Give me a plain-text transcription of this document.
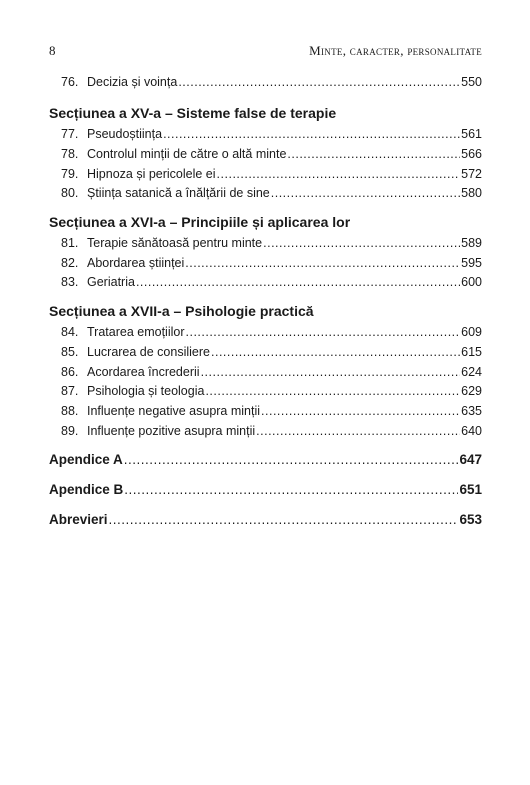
8	Minte, caracter, personalitate
76. Decizia și voința .....	550
Secțiunea a XV-a – Sisteme false de terapie
77. Pseudoștiința .....	561
78. Controlul minții de către o altă minte .....	566
79. Hipnoza și pericolele ei .....	572
80. Știința satanică a înălțării de sine .....	580
Secțiunea a XVI-a – Principiile și aplicarea lor
81. Terapie sănătoasă pentru minte .....	589
82. Abordarea științei .....	595
83. Geriatria .....	600
Secțiunea a XVII-a – Psihologie practică
84. Tratarea emoțiilor .....	609
85. Lucrarea de consiliere .....	615
86. Acordarea încrederii .....	624
87. Psihologia și teologia .....	629
88. Influențe negative asupra minții .....	635
89. Influențe pozitive asupra minții .....	640
Apendice A .....	647
Apendice B .....	651
Abrevieri .....	653
